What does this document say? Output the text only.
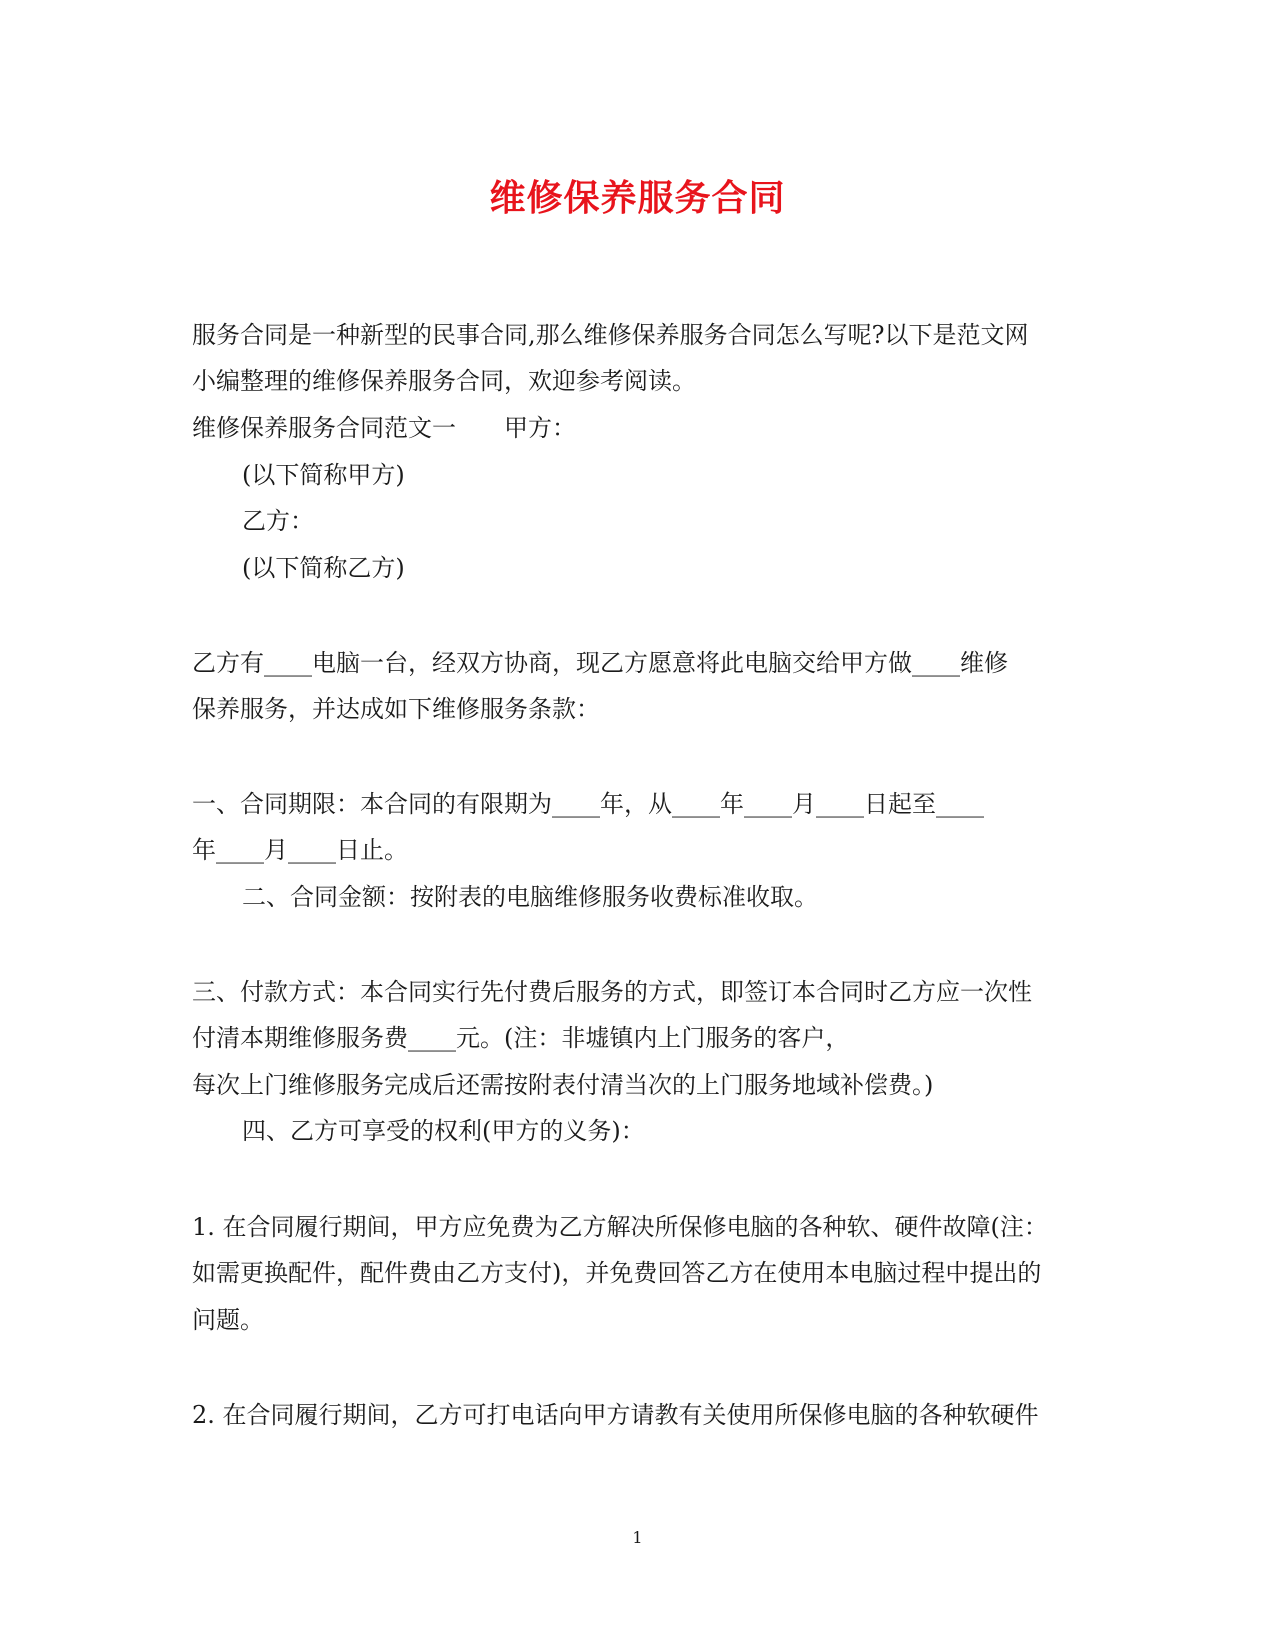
维修保养服务合同
服务合同是一种新型的民事合同,那么维修保养服务合同怎么写呢?以下是范文网
小编整理的维修保养服务合同，欢迎参考阅读。
维修保养服务合同范文一　　甲方：
(以下简称甲方)
乙方：
(以下简称乙方)
乙方有____电脑一台，经双方协商，现乙方愿意将此电脑交给甲方做____维修
保养服务，并达成如下维修服务条款：
一、合同期限：本合同的有限期为____年，从____年____月____日起至____
年____月____日止。
二、合同金额：按附表的电脑维修服务收费标准收取。
三、付款方式：本合同实行先付费后服务的方式，即签订本合同时乙方应一次性
付清本期维修服务费____元。(注：非墟镇内上门服务的客户，
每次上门维修服务完成后还需按附表付清当次的上门服务地域补偿费。)
四、乙方可享受的权利(甲方的义务)：
1. 在合同履行期间，甲方应免费为乙方解决所保修电脑的各种软、硬件故障(注：
如需更换配件，配件费由乙方支付)，并免费回答乙方在使用本电脑过程中提出的
问题。
2. 在合同履行期间，乙方可打电话向甲方请教有关使用所保修电脑的各种软硬件
1
